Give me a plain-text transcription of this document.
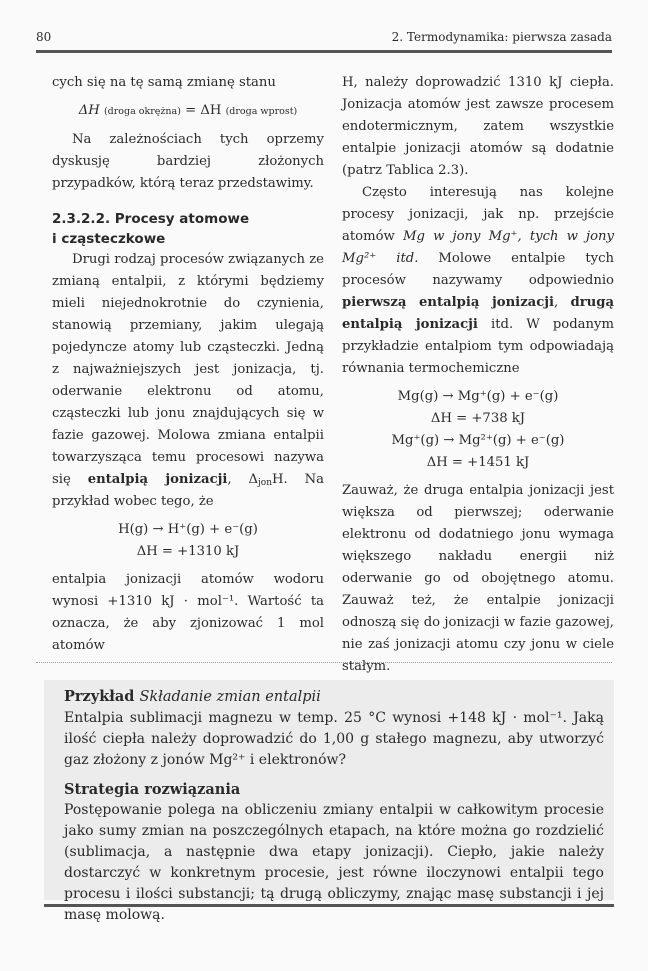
80	2. Termodynamika: pierwsza zasada

cych się na tę samą zmianę stanu

ΔH (droga okrężna) = ΔH (droga wprost)

Na zależnościach tych oprzemy dyskusję bardziej złożonych przypadków, którą teraz przedstawimy.

2.3.2.2. Procesy atomowe
i cząsteczkowe

Drugi rodzaj procesów związanych ze zmianą entalpii, z którymi będziemy mieli niejednokrotnie do czynienia, stanowią przemiany, jakim ulegają pojedyncze atomy lub cząsteczki. Jedną z najważniejszych jest jonizacja, tj. oderwanie elektronu od atomu, cząsteczki lub jonu znajdujących się w fazie gazowej. Molowa zmiana entalpii towarzysząca temu procesowi nazywa się entalpią jonizacji, $\Delta_{jon}H$. Na przykład wobec tego, że

H(g) → H⁺(g) + e⁻(g)
ΔH = +1310 kJ

entalpia jonizacji atomów wodoru wynosi +1310 kJ · mol⁻¹. Wartość ta oznacza, że aby zjonizować 1 mol atomów

H, należy doprowadzić 1310 kJ ciepła. Jonizacja atomów jest zawsze procesem endotermicznym, zatem wszystkie entalpie jonizacji atomów są dodatnie (patrz Tablica 2.3).

Często interesują nas kolejne procesy jonizacji, jak np. przejście atomów Mg w jony Mg⁺, tych w jony Mg²⁺ itd. Molowe entalpie tych procesów nazywamy odpowiednio pierwszą entalpią jonizacji, drugą entalpią jonizacji itd. W podanym przykładzie entalpiom tym odpowiadają równania termochemiczne

Mg(g) → Mg⁺(g) + e⁻(g)
ΔH = +738 kJ
Mg⁺(g) → Mg²⁺(g) + e⁻(g)
ΔH = +1451 kJ

Zauważ, że druga entalpia jonizacji jest większa od pierwszej; oderwanie elektronu od dodatniego jonu wymaga większego nakładu energii niż oderwanie go od obojętnego atomu. Zauważ też, że entalpie jonizacji odnoszą się do jonizacji w fazie gazowej, nie zaś jonizacji atomu czy jonu w ciele stałym.

Przykład Składanie zmian entalpii

Entalpia sublimacji magnezu w temp. 25 °C wynosi +148 kJ · mol⁻¹. Jaką ilość ciepła należy doprowadzić do 1,00 g stałego magnezu, aby utworzyć gaz złożony z jonów Mg²⁺ i elektronów?

Strategia rozwiązania

Postępowanie polega na obliczeniu zmiany entalpii w całkowitym procesie jako sumy zmian na poszczególnych etapach, na które można go rozdzielić (sublimacja, a następnie dwa etapy jonizacji). Ciepło, jakie należy dostarczyć w konkretnym procesie, jest równe iloczynowi entalpii tego procesu i ilości substancji; tą drugą obliczymy, znając masę substancji i jej masę molową.
